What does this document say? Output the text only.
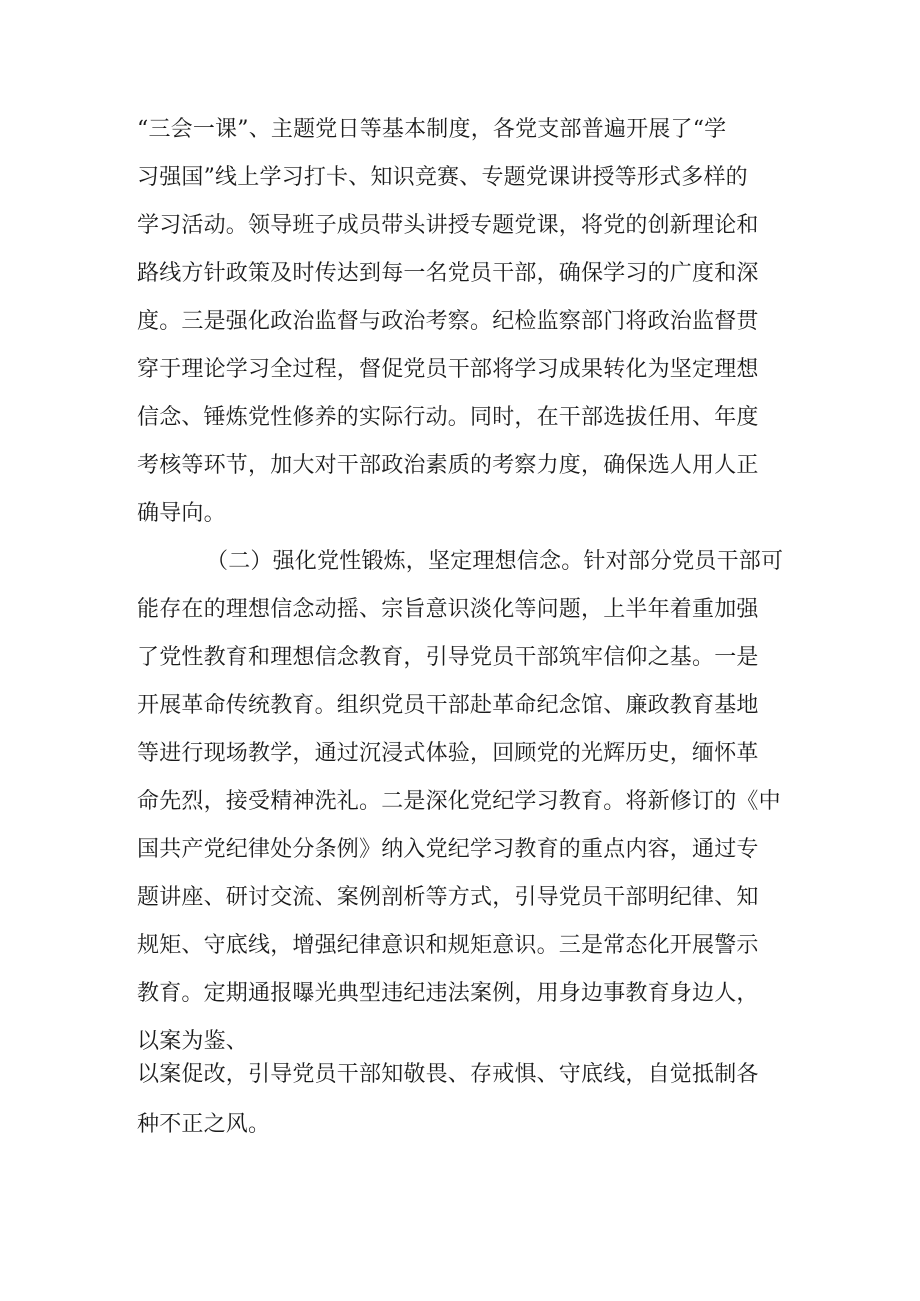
“三会一课”、主题党日等基本制度，各党支部普遍开展了“学
习强国”线上学习打卡、知识竞赛、专题党课讲授等形式多样的
学习活动。领导班子成员带头讲授专题党课，将党的创新理论和
路线方针政策及时传达到每一名党员干部，确保学习的广度和深
度。三是强化政治监督与政治考察。纪检监察部门将政治监督贯
穿于理论学习全过程，督促党员干部将学习成果转化为坚定理想
信念、锤炼党性修养的实际行动。同时，在干部选拔任用、年度
考核等环节，加大对干部政治素质的考察力度，确保选人用人正
确导向。
（二）强化党性锻炼，坚定理想信念。针对部分党员干部可
能存在的理想信念动摇、宗旨意识淡化等问题，上半年着重加强
了党性教育和理想信念教育，引导党员干部筑牢信仰之基。一是
开展革命传统教育。组织党员干部赴革命纪念馆、廉政教育基地
等进行现场教学，通过沉浸式体验，回顾党的光辉历史，缅怀革
命先烈，接受精神洗礼。二是深化党纪学习教育。将新修订的《中
国共产党纪律处分条例》纳入党纪学习教育的重点内容，通过专
题讲座、研讨交流、案例剖析等方式，引导党员干部明纪律、知
规矩、守底线，增强纪律意识和规矩意识。三是常态化开展警示
教育。定期通报曝光典型违纪违法案例，用身边事教育身边人，
以案为鉴、
以案促改，引导党员干部知敬畏、存戒惧、守底线，自觉抵制各
种不正之风。
